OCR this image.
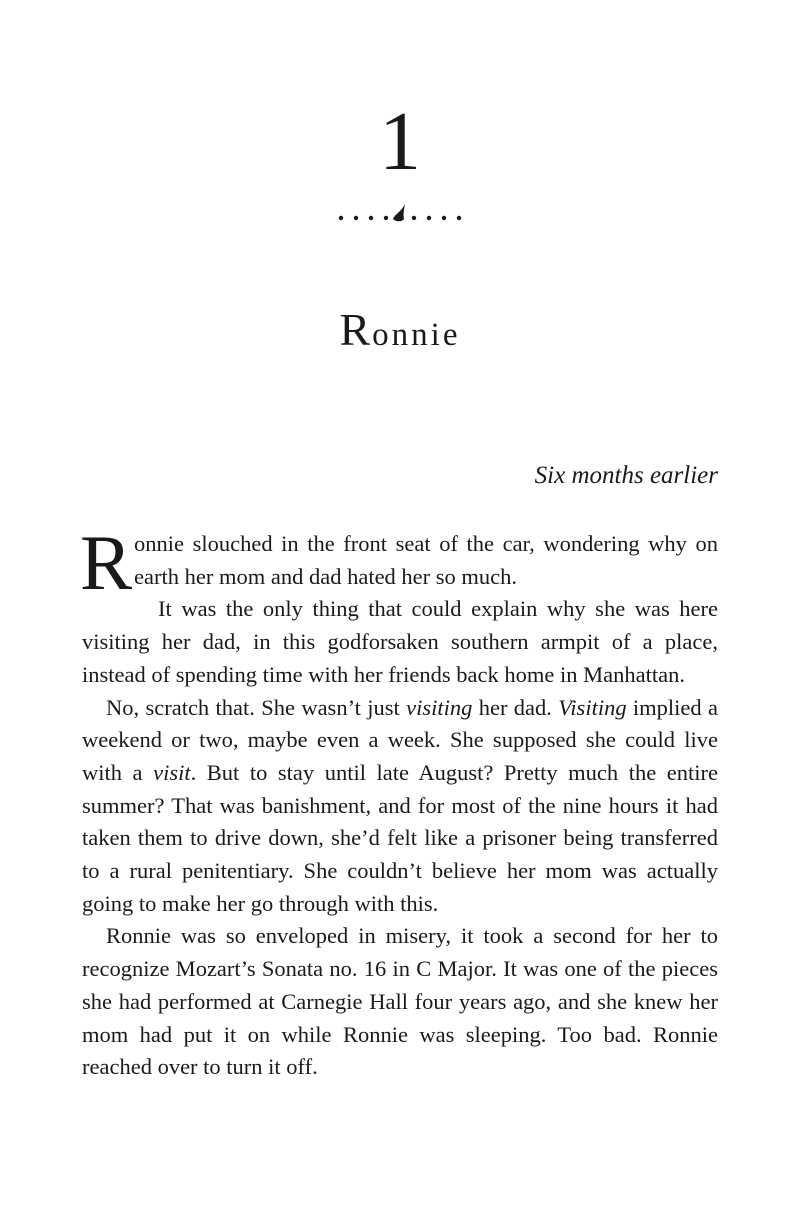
1
Ronnie
Six months earlier

Ronnie slouched in the front seat of the car, wondering why on earth her mom and dad hated her so much.

It was the only thing that could explain why she was here visiting her dad, in this godforsaken southern armpit of a place, instead of spending time with her friends back home in Manhattan.

No, scratch that. She wasn’t just visiting her dad. Visiting implied a weekend or two, maybe even a week. She supposed she could live with a visit. But to stay until late August? Pretty much the entire summer? That was banishment, and for most of the nine hours it had taken them to drive down, she’d felt like a prisoner being transferred to a rural penitentiary. She couldn’t believe her mom was actually going to make her go through with this.

Ronnie was so enveloped in misery, it took a second for her to recognize Mozart’s Sonata no. 16 in C Major. It was one of the pieces she had performed at Carnegie Hall four years ago, and she knew her mom had put it on while Ronnie was sleeping. Too bad. Ronnie reached over to turn it off.
